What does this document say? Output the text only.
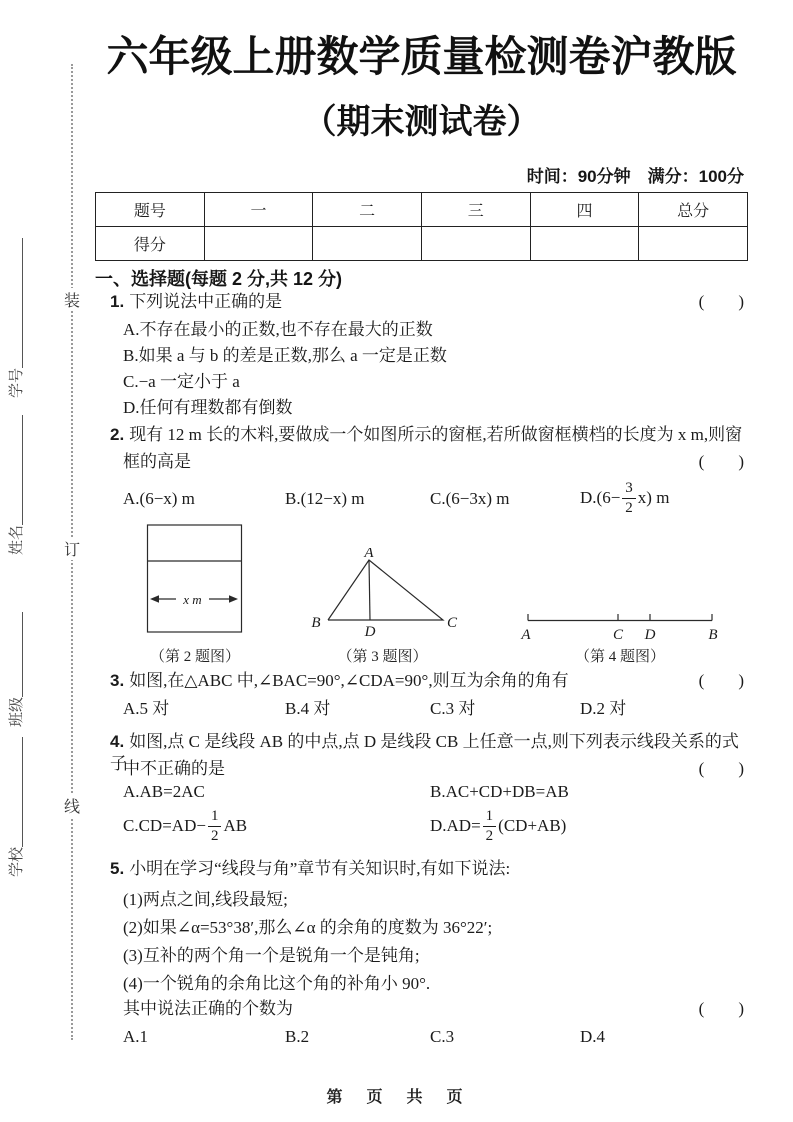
装
订
线
学号
姓名
班级
学校
六年级上册数学质量检测卷沪教版
（期末测试卷）
时间：90分钟　满分：100分
题号	一	二	三	四	总分
得分					
一、选择题(每题 2 分,共 12 分)
1. 下列说法中正确的是	(　　)
A.不存在最小的正数,也不存在最大的正数
B.如果 a 与 b 的差是正数,那么 a 一定是正数
C.−a 一定小于 a
D.任何有理数都有倒数
2. 现有 12 m 长的木料,要做成一个如图所示的窗框,若所做窗框横档的长度为 x m,则窗
框的高是	(　　)
A.(6−x) m	B.(12−x) m	C.(6−3x) m	$D.(6- \frac{3}{2} x)$ m
x m
（第 2 题图）
A
B	C
D
（第 3 题图）
A	C D	B
（第 4 题图）
3. 如图,在△ABC 中,∠BAC=90°,∠CDA=90°,则互为余角的角有	(　　)
A.5 对	B.4 对	C.3 对	D.2 对
4. 如图,点 C 是线段 AB 的中点,点 D 是线段 CB 上任意一点,则下列表示线段关系的式子
中不正确的是	(　　)
A.AB=2AC	B.AC+CD+DB=AB
$C.CD=AD- \frac{1}{2}$ AB	$D.AD= \frac{1}{2} (CD+AB)$
5. 小明在学习“线段与角”章节有关知识时,有如下说法:
(1)两点之间,线段最短;
(2)如果∠α=53°38′,那么∠α 的余角的度数为 36°22′;
(3)互补的两个角一个是锐角一个是钝角;
(4)一个锐角的余角比这个角的补角小 90°.
其中说法正确的个数为	(　　)
A.1	B.2	C.3	D.4
第　页　共　页
